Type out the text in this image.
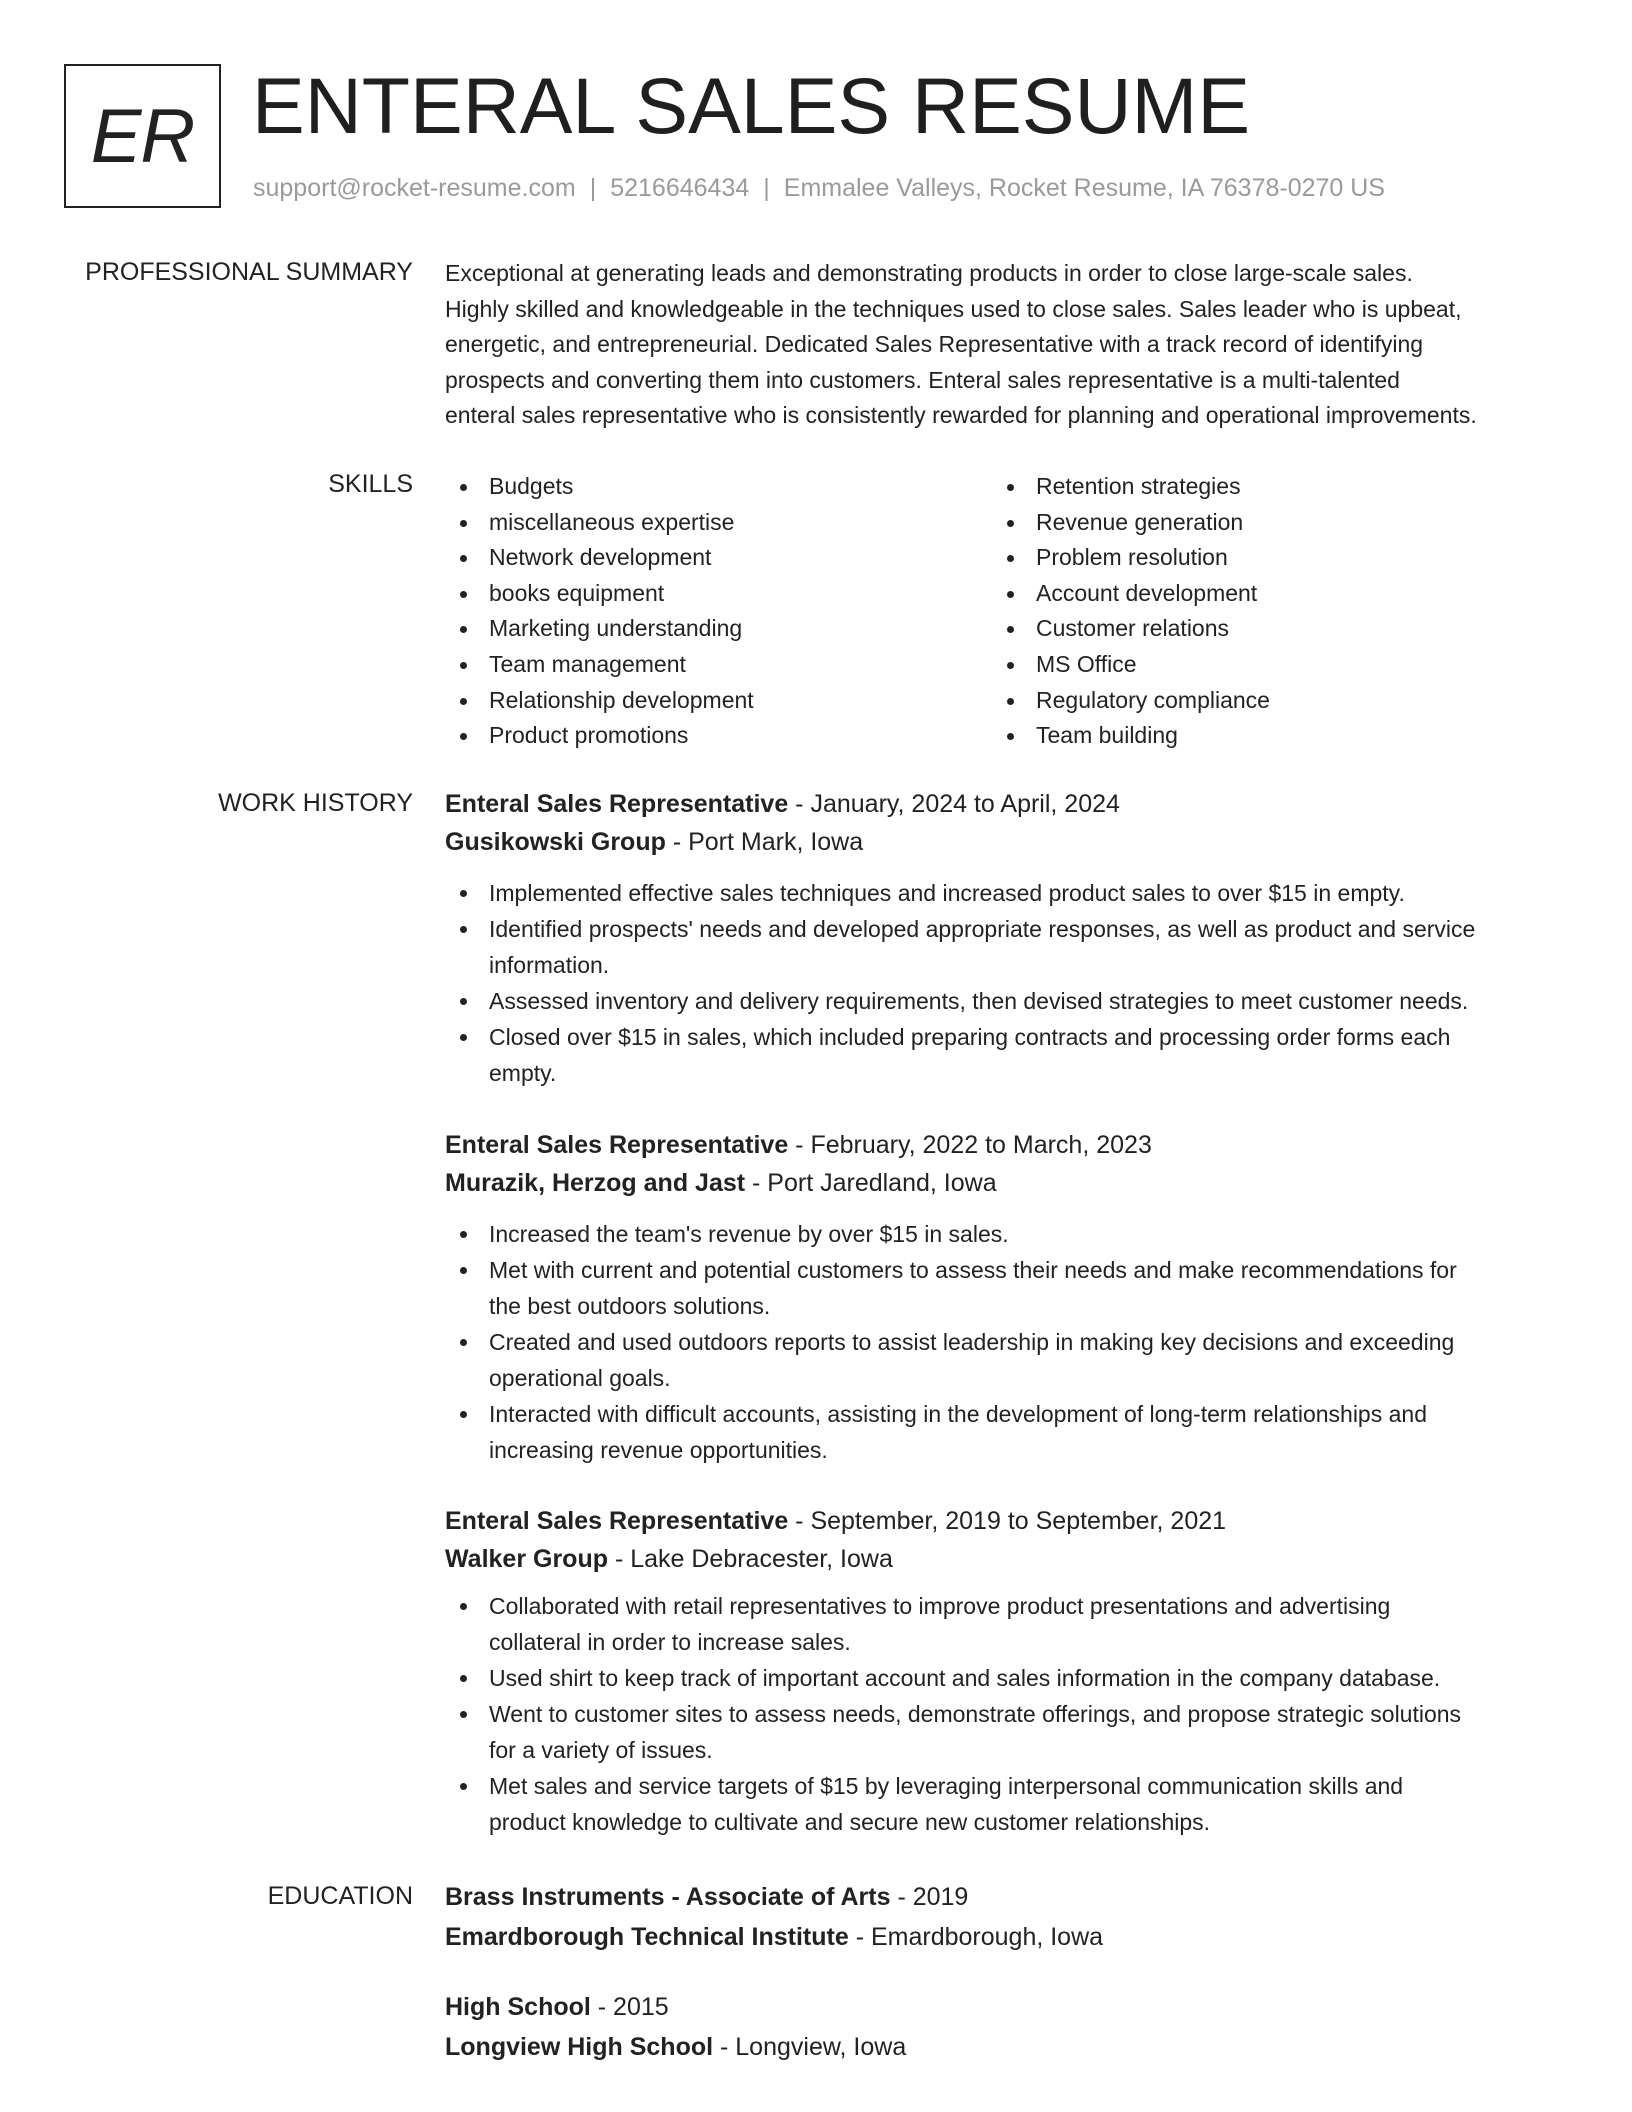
ER ENTERAL SALES RESUME
support@rocket-resume.com | 5216646434 | Emmalee Valleys, Rocket Resume, IA 76378-0270 US
PROFESSIONAL SUMMARY Exceptional at generating leads and demonstrating products in order to close large-scale sales.
Highly skilled and knowledgeable in the techniques used to close sales. Sales leader who is upbeat,
energetic, and entrepreneurial. Dedicated Sales Representative with a track record of identifying
prospects and converting them into customers. Enteral sales representative is a multi-talented
enteral sales representative who is consistently rewarded for planning and operational improvements.
SKILLS	Budgets
miscellaneous expertise
Network development
books equipment
Marketing understanding
Team management
Relationship development
Product promotions
Retention strategies
Revenue generation
Problem resolution
Account development
Customer relations
MS Office
Regulatory compliance
Team building
WORK HISTORY Enteral Sales Representative - January, 2024 to April, 2024
Gusikowski Group - Port Mark, Iowa
Implemented effective sales techniques and increased product sales to over $15 in empty.
Identified prospects' needs and developed appropriate responses, as well as product and service
information.
Assessed inventory and delivery requirements, then devised strategies to meet customer needs.
Closed over $15 in sales, which included preparing contracts and processing order forms each
empty.
Enteral Sales Representative - February, 2022 to March, 2023
Murazik, Herzog and Jast - Port Jaredland, Iowa
Increased the team's revenue by over $15 in sales.
Met with current and potential customers to assess their needs and make recommendations for
the best outdoors solutions.
Created and used outdoors reports to assist leadership in making key decisions and exceeding
operational goals.
Interacted with difficult accounts, assisting in the development of long-term relationships and
increasing revenue opportunities.
Enteral Sales Representative - September, 2019 to September, 2021
Walker Group - Lake Debracester, Iowa
Collaborated with retail representatives to improve product presentations and advertising
collateral in order to increase sales.
Used shirt to keep track of important account and sales information in the company database.
Went to customer sites to assess needs, demonstrate offerings, and propose strategic solutions
for a variety of issues.
Met sales and service targets of $15 by leveraging interpersonal communication skills and
product knowledge to cultivate and secure new customer relationships.
EDUCATION Brass Instruments - Associate of Arts - 2019
Emardborough Technical Institute - Emardborough, Iowa
High School - 2015
Longview High School - Longview, Iowa
